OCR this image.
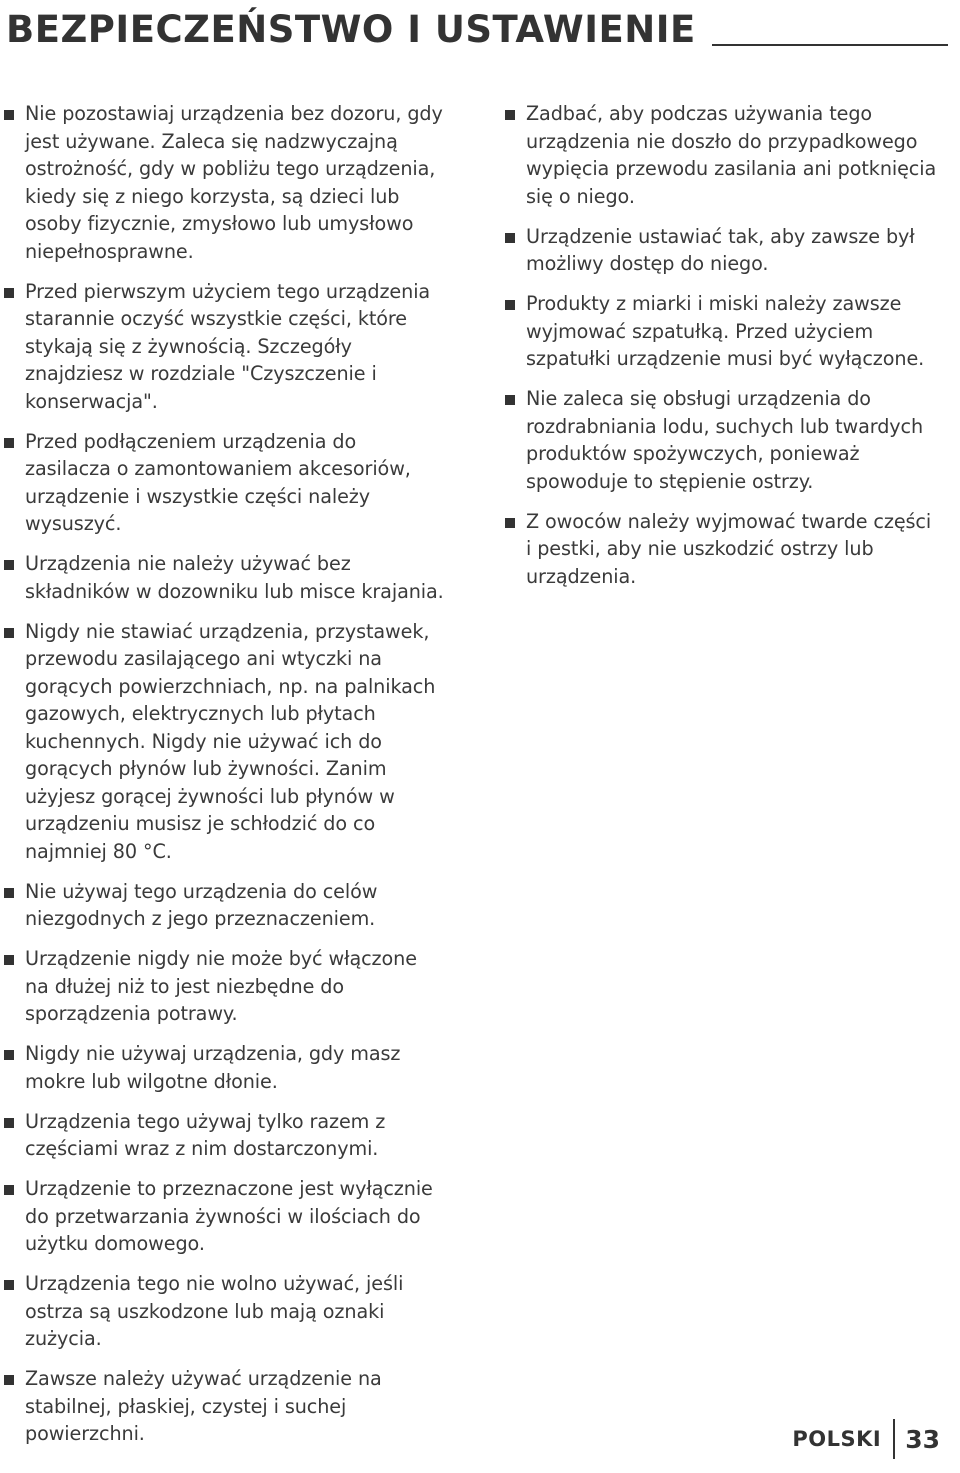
BEZPIECZEŃSTWO I USTAWIENIE
Nie pozostawiaj urządzenia bez dozoru, gdy jest używane. Zaleca się nadzwyczajną ostrożność, gdy w pobliżu tego urządzenia, kiedy się z niego korzysta, są dzieci lub osoby fizycznie, zmysłowo lub umysłowo niepełnosprawne.
Przed pierwszym użyciem tego urządzenia starannie oczyść wszystkie części, które stykają się z żywnością. Szczegóły znajdziesz w rozdziale "Czyszczenie i konserwacja".
Przed podłączeniem urządzenia do zasilacza o zamontowaniem akcesoriów, urządzenie i wszystkie części należy wysuszyć.
Urządzenia nie należy używać bez składników w dozowniku lub misce krajania.
Nigdy nie stawiać urządzenia, przystawek, przewodu zasilającego ani wtyczki na gorących powierzchniach, np. na palnikach gazowych, elektrycznych lub płytach kuchennych. Nigdy nie używać ich do gorących płynów lub żywności. Zanim użyjesz gorącej żywności lub płynów w urządzeniu musisz je schłodzić do co najmniej 80 °C.
Nie używaj tego urządzenia do celów niezgodnych z jego przeznaczeniem.
Urządzenie nigdy nie może być włączone na dłużej niż to jest niezbędne do sporządzenia potrawy.
Nigdy nie używaj urządzenia, gdy masz mokre lub wilgotne dłonie.
Urządzenia tego używaj tylko razem z częściami wraz z nim dostarczonymi.
Urządzenie to przeznaczone jest wyłącznie do przetwarzania żywności w ilościach do użytku domowego.
Urządzenia tego nie wolno używać, jeśli ostrza są uszkodzone lub mają oznaki zużycia.
Zawsze należy używać urządzenie na stabilnej, płaskiej, czystej i suchej powierzchni.
Zadbać, aby podczas używania tego urządzenia nie doszło do przypadkowego wypięcia przewodu zasilania ani potknięcia się o niego.
Urządzenie ustawiać tak, aby zawsze był możliwy dostęp do niego.
Produkty z miarki i miski należy zawsze wyjmować szpatułką. Przed użyciem szpatułki urządzenie musi być wyłączone.
Nie zaleca się obsługi urządzenia do rozdrabniania lodu, suchych lub twardych produktów spożywczych, ponieważ spowoduje to stępienie ostrzy.
Z owoców należy wyjmować twarde części i pestki, aby nie uszkodzić ostrzy lub urządzenia.
POLSKI 33
